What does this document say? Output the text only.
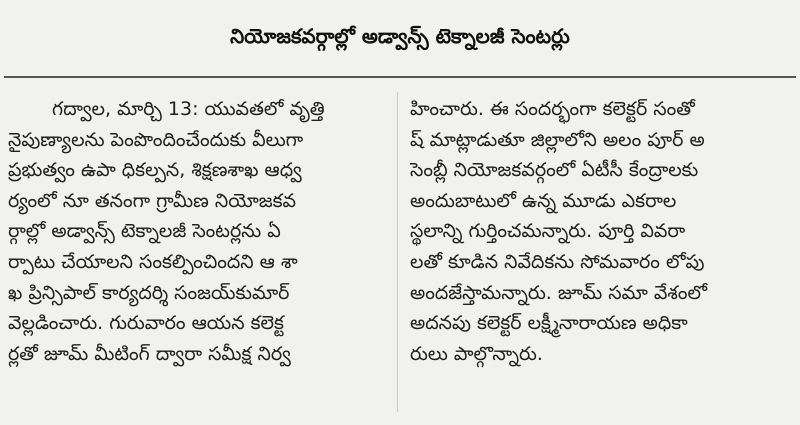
నియోజకవర్గాల్లో అడ్వాన్స్‌ టెక్నాలజీ సెంటర్లు
గద్వాల, మార్చి 13: యువతలో వృత్తి
నైపుణ్యాలను పెంపొందించేందుకు వీలుగా
ప్రభుత్వం ఉపా ధికల్పన, శిక్షణశాఖ ఆధ్వ
ర్యంలో నూ తనంగా గ్రామీణ నియోజకవ
ర్గాల్లో అడ్వాన్స్‌ టెక్నాలజీ సెంటర్లను ఏ
ర్పాటు చేయాలని సంకల్పించిందని ఆ శా
ఖ ప్రిన్సిపాల్‌ కార్యదర్శి సంజయ్‌కుమార్‌
వెల్లడించారు. గురువారం ఆయన కలెక్ట
ర్లతో జూమ్‌ మీటింగ్‌ ద్వారా సమీక్ష నిర్వ
హించారు. ఈ సందర్భంగా కలెక్టర్‌ సంతో
ష్‌ మాట్లాడుతూ జిల్లాలోని అలం పూర్‌ అ
సెంబ్లీ నియోజకవర్గంలో ఏటీసీ కేంద్రాలకు
అందుబాటులో ఉన్న మూడు ఎకరాల
స్థలాన్ని గుర్తించమన్నారు. పూర్తి వివరా
లతో కూడిన నివేదికను సోమవారం లోపు
అందజేస్తామన్నారు. జూమ్‌ సమా వేశంలో
అదనపు కలెక్టర్‌ లక్ష్మీనారాయణ అధికా
రులు పాల్గొన్నారు.
